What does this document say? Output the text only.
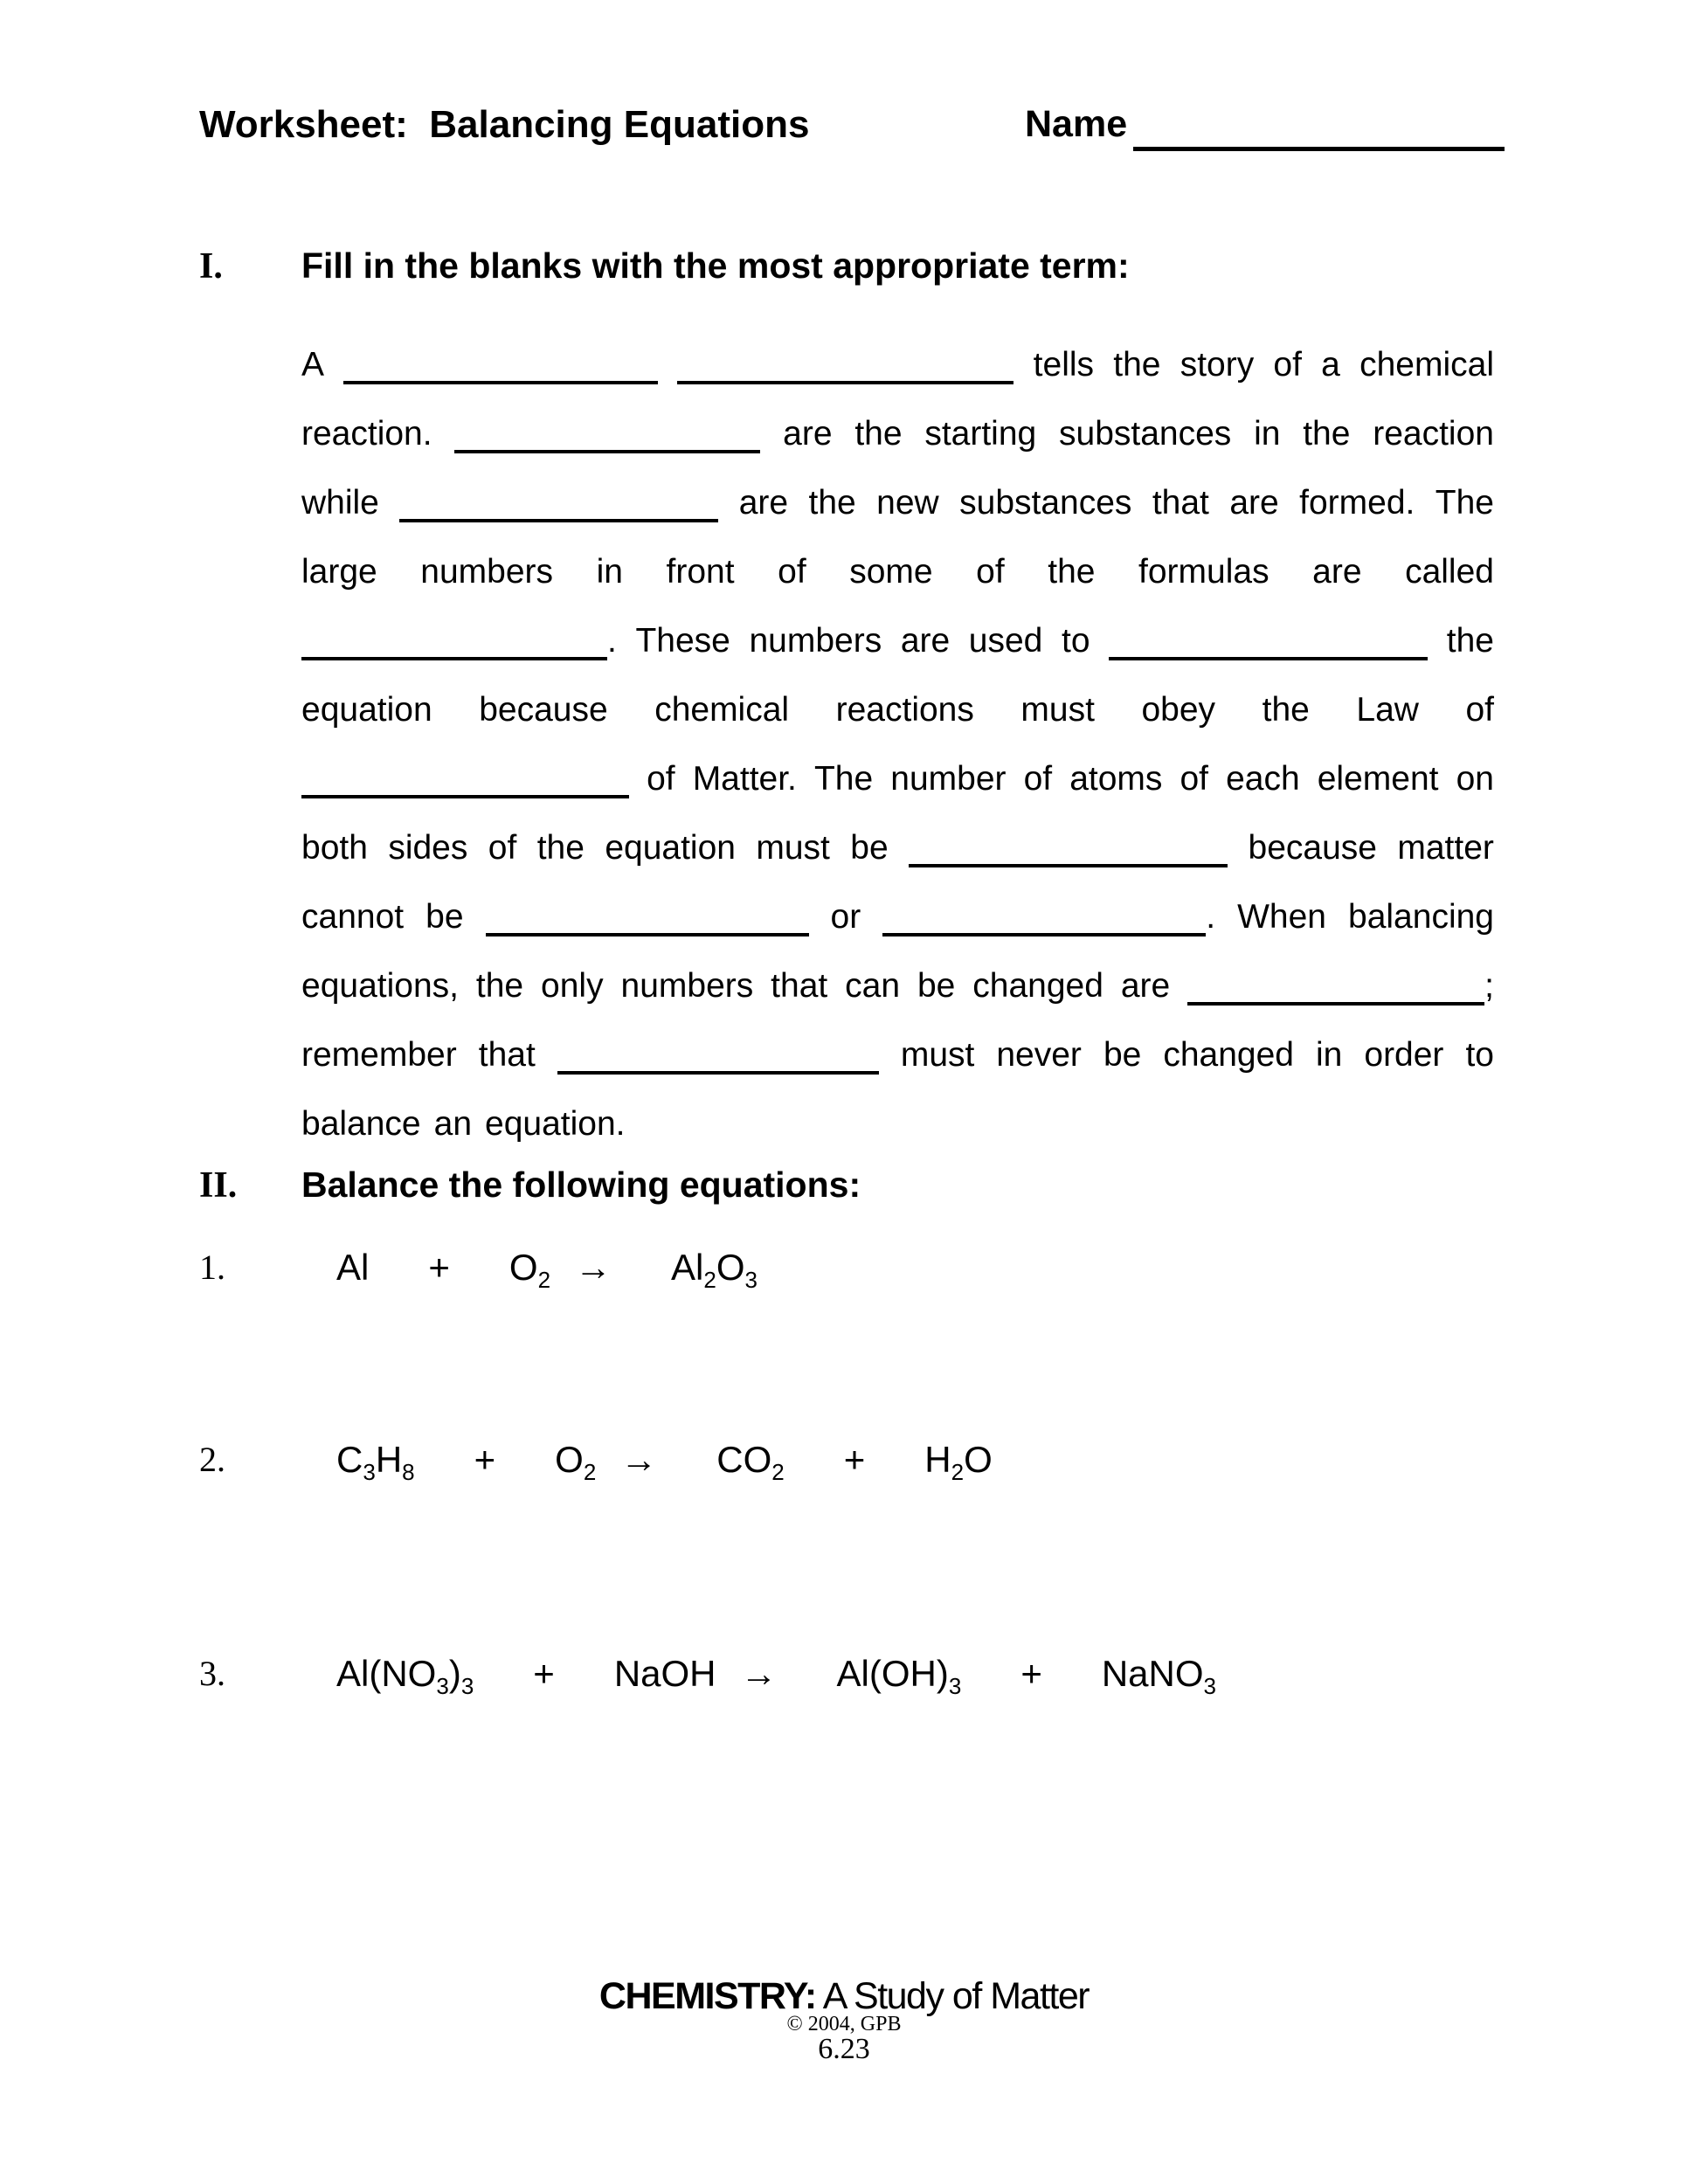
Worksheet:  Balancing Equations	Name
I. Fill in the blanks with the most appropriate term:
A	tells the story of a chemical
reaction.	are the starting substances in the reaction
while	are the new substances that are formed. The
large numbers in front of some of the formulas are called
. These numbers are used to	the
equation because chemical reactions must obey the Law of
of Matter. The number of atoms of each element on
both sides of the equation must be	because matter
cannot be	or	. When balancing
equations, the only numbers that can be changed are	;
remember that	must never be changed in order to
balance an equation.
II. Balance the following equations:
1.	$Al + O_2 \to Al_2O_3$
2.	$C_3H_8 + O_2 \to CO_2 + H_2O$
3.	$Al(NO_3)_3$ + NaOH → $Al(OH)_3$ + NaNO$_3$
CHEMISTRY: A Study of Matter
© 2004, GPB
6.23
